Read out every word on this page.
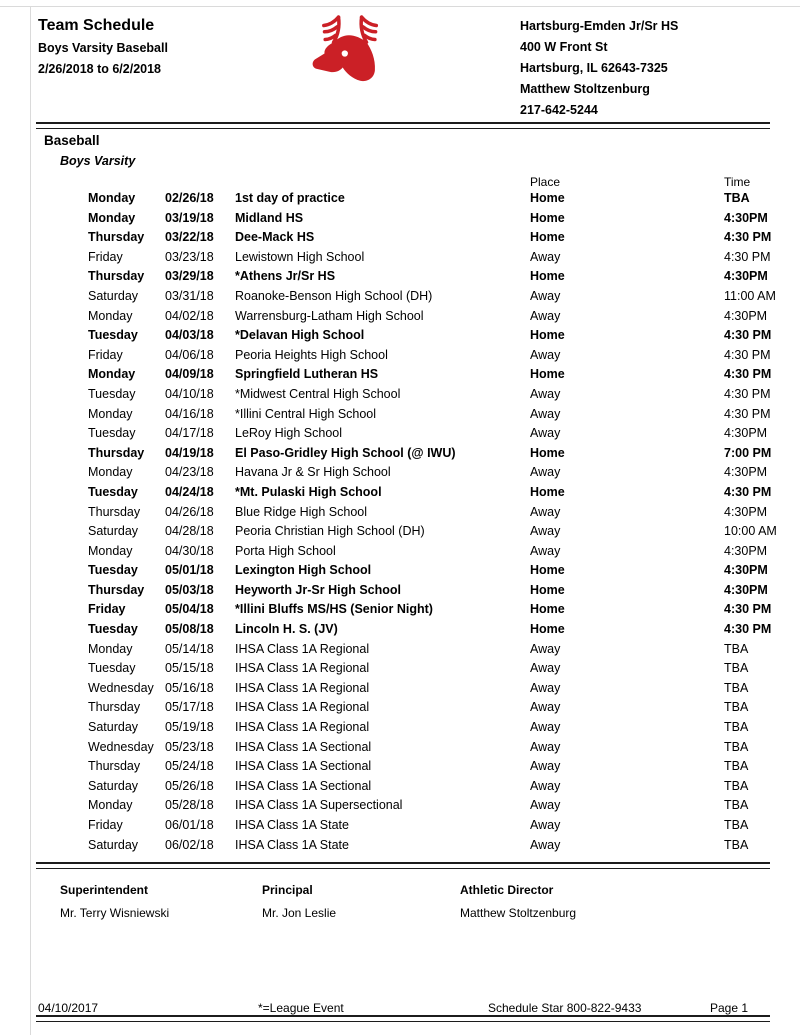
Team Schedule
Boys Varsity Baseball
2/26/2018 to 6/2/2018
Hartsburg-Emden Jr/Sr HS
400 W Front St
Hartsburg, IL 62643-7325
Matthew Stoltzenburg
217-642-5244
Baseball
Boys Varsity
Place	Time
Monday 02/26/18 1st day of practice	Home	TBA
Monday 03/19/18 Midland HS	Home	4:30PM
Thursday 03/22/18 Dee-Mack HS	Home	4:30 PM
Friday	03/23/18 Lewistown High School	Away	4:30 PM
Thursday 03/29/18 *Athens Jr/Sr HS	Home	4:30PM
Saturday 03/31/18 Roanoke-Benson High School (DH)	Away	11:00 AM
Monday	04/02/18 Warrensburg-Latham High School	Away	4:30PM
Tuesday 04/03/18 *Delavan High School	Home	4:30 PM
Friday	04/06/18 Peoria Heights High School	Away	4:30 PM
Monday 04/09/18 Springfield Lutheran HS	Home	4:30 PM
Tuesday 04/10/18 *Midwest Central High School	Away	4:30 PM
Monday	04/16/18 *Illini Central High School	Away	4:30 PM
Tuesday 04/17/18 LeRoy High School	Away	4:30PM
Thursday 04/19/18 El Paso-Gridley High School (@ IWU)	Home	7:00 PM
Monday	04/23/18 Havana Jr & Sr High School	Away	4:30PM
Tuesday 04/24/18 *Mt. Pulaski High School	Home	4:30 PM
Thursday 04/26/18 Blue Ridge High School	Away	4:30PM
Saturday 04/28/18 Peoria Christian High School (DH)	Away	10:00 AM
Monday	04/30/18 Porta High School	Away	4:30PM
Tuesday 05/01/18 Lexington High School	Home	4:30PM
Thursday 05/03/18 Heyworth Jr-Sr High School	Home	4:30PM
Friday	05/04/18 *Illini Bluffs MS/HS (Senior Night)	Home	4:30 PM
Tuesday 05/08/18 Lincoln H. S. (JV)	Home	4:30 PM
Monday	05/14/18 IHSA Class 1A Regional	Away	TBA
Tuesday 05/15/18 IHSA Class 1A Regional	Away	TBA
Wednesday 05/16/18 IHSA Class 1A Regional	Away	TBA
Thursday 05/17/18 IHSA Class 1A Regional	Away	TBA
Saturday 05/19/18 IHSA Class 1A Regional	Away	TBA
Wednesday 05/23/18 IHSA Class 1A Sectional	Away	TBA
Thursday 05/24/18 IHSA Class 1A Sectional	Away	TBA
Saturday 05/26/18 IHSA Class 1A Sectional	Away	TBA
Monday	05/28/18 IHSA Class 1A Supersectional	Away	TBA
Friday	06/01/18 IHSA Class 1A State	Away	TBA
Saturday 06/02/18 IHSA Class 1A State	Away	TBA
Superintendent
Mr. Terry Wisniewski
Principal
Mr. Jon Leslie
Athletic Director
Matthew Stoltzenburg
04/10/2017	*=League Event	Schedule Star 800-822-9433	Page 1
